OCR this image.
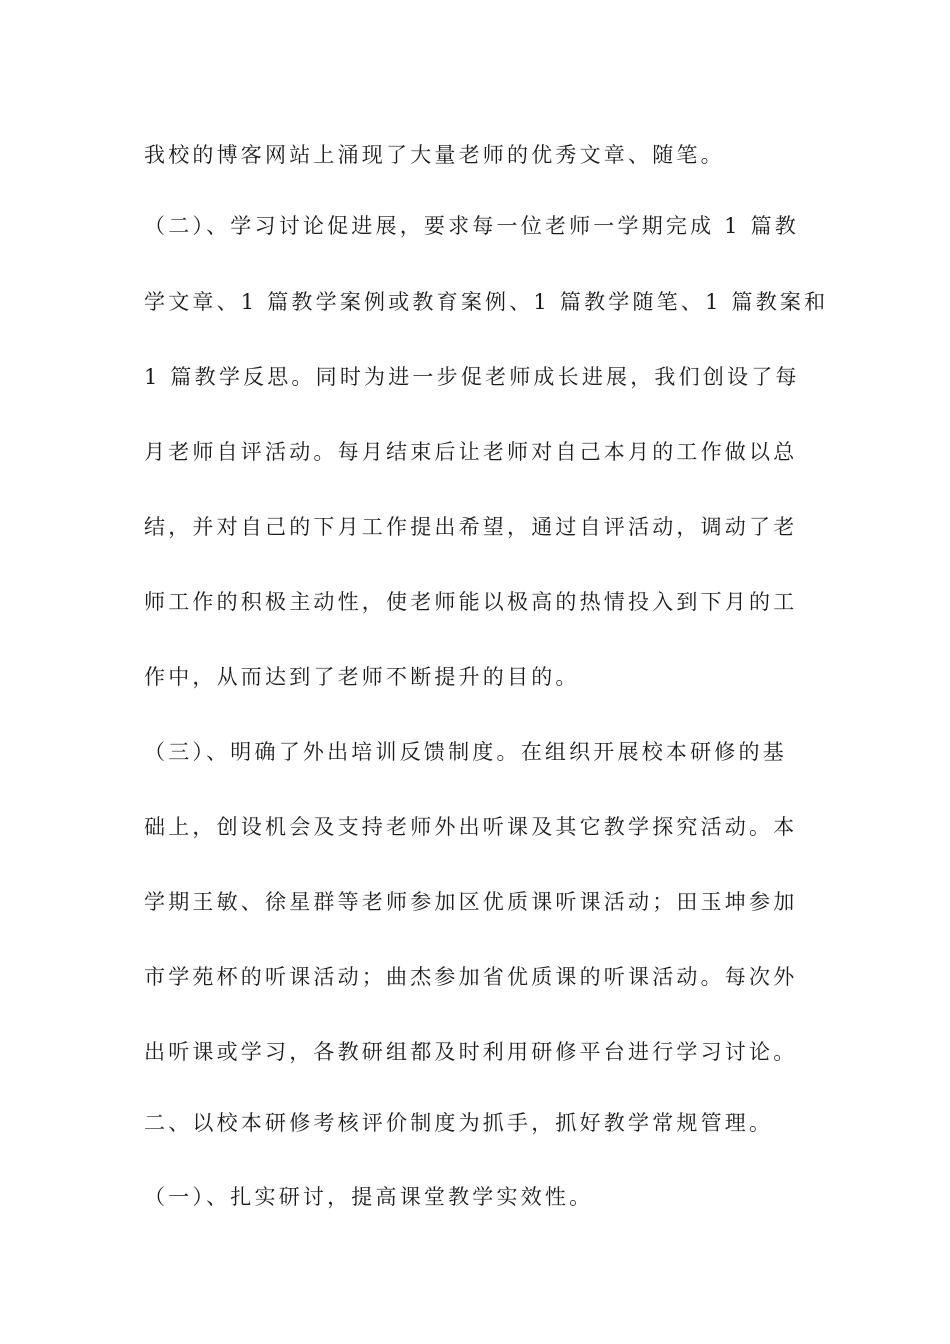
我校的博客网站上涌现了大量老师的优秀文章、随笔。
（二）、学习讨论促进展，要求每一位老师一学期完成 1 篇教
学文章、1 篇教学案例或教育案例、1 篇教学随笔、1 篇教案和
1 篇教学反思。同时为进一步促老师成长进展，我们创设了每
月老师自评活动。每月结束后让老师对自己本月的工作做以总
结，并对自己的下月工作提出希望，通过自评活动，调动了老
师工作的积极主动性，使老师能以极高的热情投入到下月的工
作中，从而达到了老师不断提升的目的。
（三）、明确了外出培训反馈制度。在组织开展校本研修的基
础上，创设机会及支持老师外出听课及其它教学探究活动。本
学期王敏、徐星群等老师参加区优质课听课活动；田玉坤参加
市学苑杯的听课活动；曲杰参加省优质课的听课活动。每次外
出听课或学习，各教研组都及时利用研修平台进行学习讨论。
二、以校本研修考核评价制度为抓手，抓好教学常规管理。
（一）、扎实研讨，提高课堂教学实效性。
